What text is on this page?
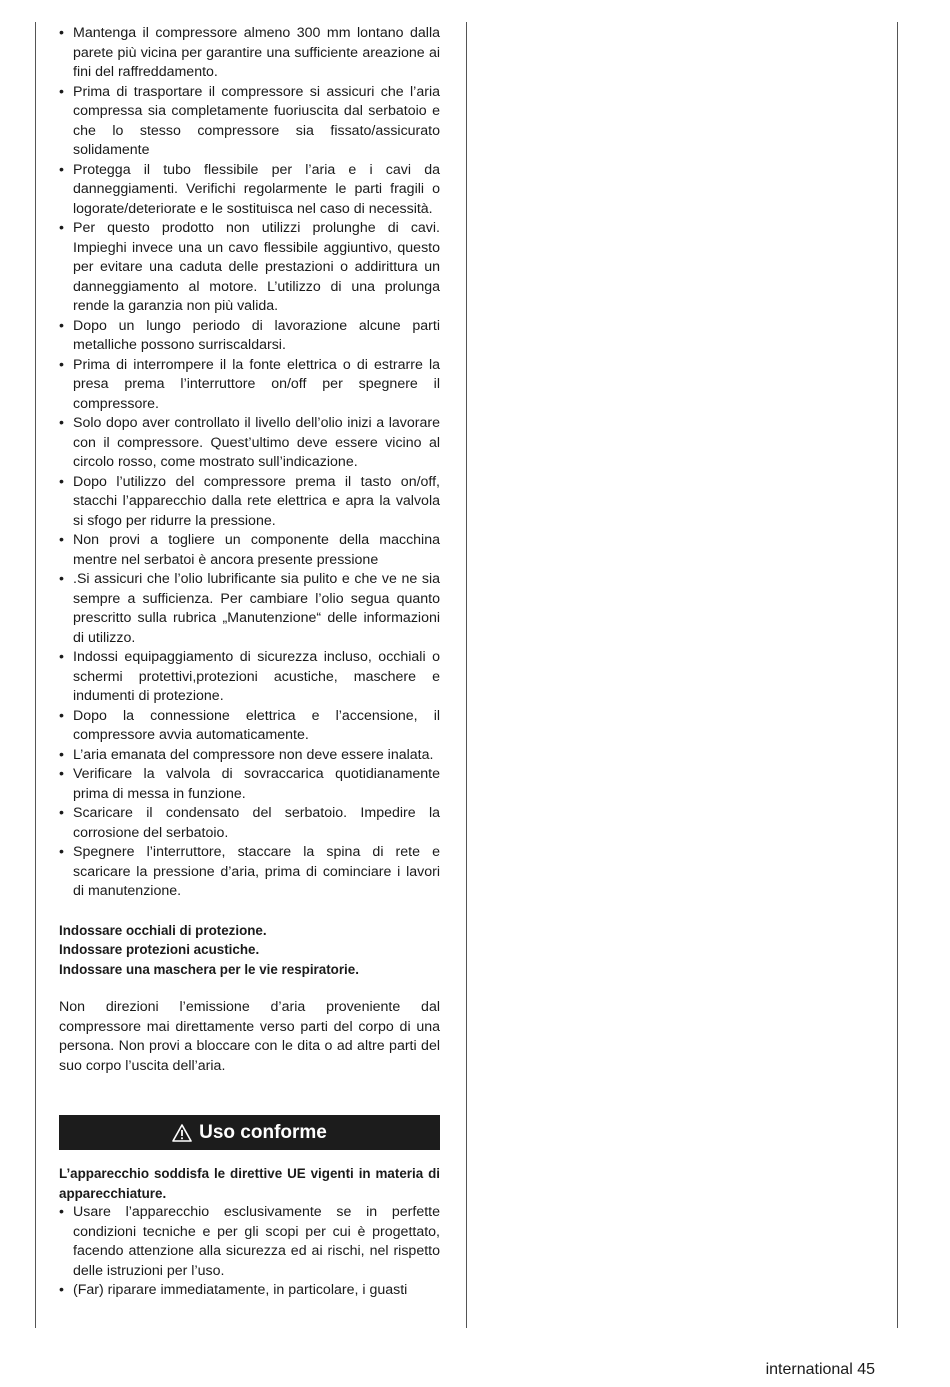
• Mantenga il compressore almeno 300 mm lontano dalla parete più vicina per garantire una sufficiente areazione ai fini del raffreddamento.
• Prima di trasportare il compressore si assicuri che l’aria compressa sia completamente fuoriuscita dal serbatoio e che lo stesso compressore sia fissato/assicurato solidamente
• Protegga il tubo flessibile per l’aria e i cavi da danneggiamenti. Verifichi regolarmente le parti fragili o logorate/deteriorate e le sostituisca nel caso di necessità.
• Per questo prodotto non utilizzi prolunghe di cavi. Impieghi invece una un cavo flessibile aggiuntivo, questo per evitare una caduta delle prestazioni o addirittura un danneggiamento al motore. L’utilizzo di una prolunga rende la garanzia non più valida.
• Dopo un lungo periodo di lavorazione alcune parti metalliche possono surriscaldarsi.
• Prima di interrompere il la fonte elettrica o di estrarre la presa prema l’interruttore on/off per spegnere il compressore.
• Solo dopo aver controllato il livello dell’olio inizi a lavorare con il compressore. Quest’ultimo deve essere vicino al circolo rosso, come mostrato sull’indicazione.
• Dopo l’utilizzo del compressore prema il tasto on/off, stacchi l’apparecchio dalla rete elettrica e apra la valvola si sfogo per ridurre la pressione.
• Non provi a togliere un componente della macchina mentre nel serbatoi è ancora presente pressione
• .Si assicuri che l’olio lubrificante sia pulito e che ve ne sia sempre a sufficienza. Per cambiare l’olio segua quanto prescritto sulla rubrica „Manutenzione“ delle informazioni di utilizzo.
• Indossi equipaggiamento di sicurezza incluso, occhiali o schermi protettivi,protezioni acustiche, maschere e indumenti di protezione.
• Dopo la connessione elettrica e l’accensione, il compressore avvia automaticamente.
• L’aria emanata del compressore non deve essere inalata.
• Verificare la valvola di sovraccarica quotidianamente prima di messa in funzione.
• Scaricare il condensato del serbatoio. Impedire la corrosione del serbatoio.
• Spegnere l’interruttore, staccare la spina di rete e scaricare la pressione d’aria, prima di cominciare i lavori di manutenzione.
Indossare occhiali di protezione.
Indossare protezioni acustiche.
Indossare una maschera per le vie respiratorie.
Non direzioni l’emissione d’aria proveniente dal compressore mai direttamente verso parti del corpo di una persona. Non provi a bloccare con le dita o ad altre parti del suo corpo l’uscita dell’aria.
Uso conforme
L’apparecchio soddisfa le direttive UE vigenti in materia di apparecchiature.
• Usare l’apparecchio esclusivamente se in perfette condizioni tecniche e per gli scopi per cui è progettato, facendo attenzione alla sicurezza ed ai rischi, nel rispetto delle istruzioni per l’uso.
• (Far) riparare immediatamente, in particolare, i guasti
international 45
